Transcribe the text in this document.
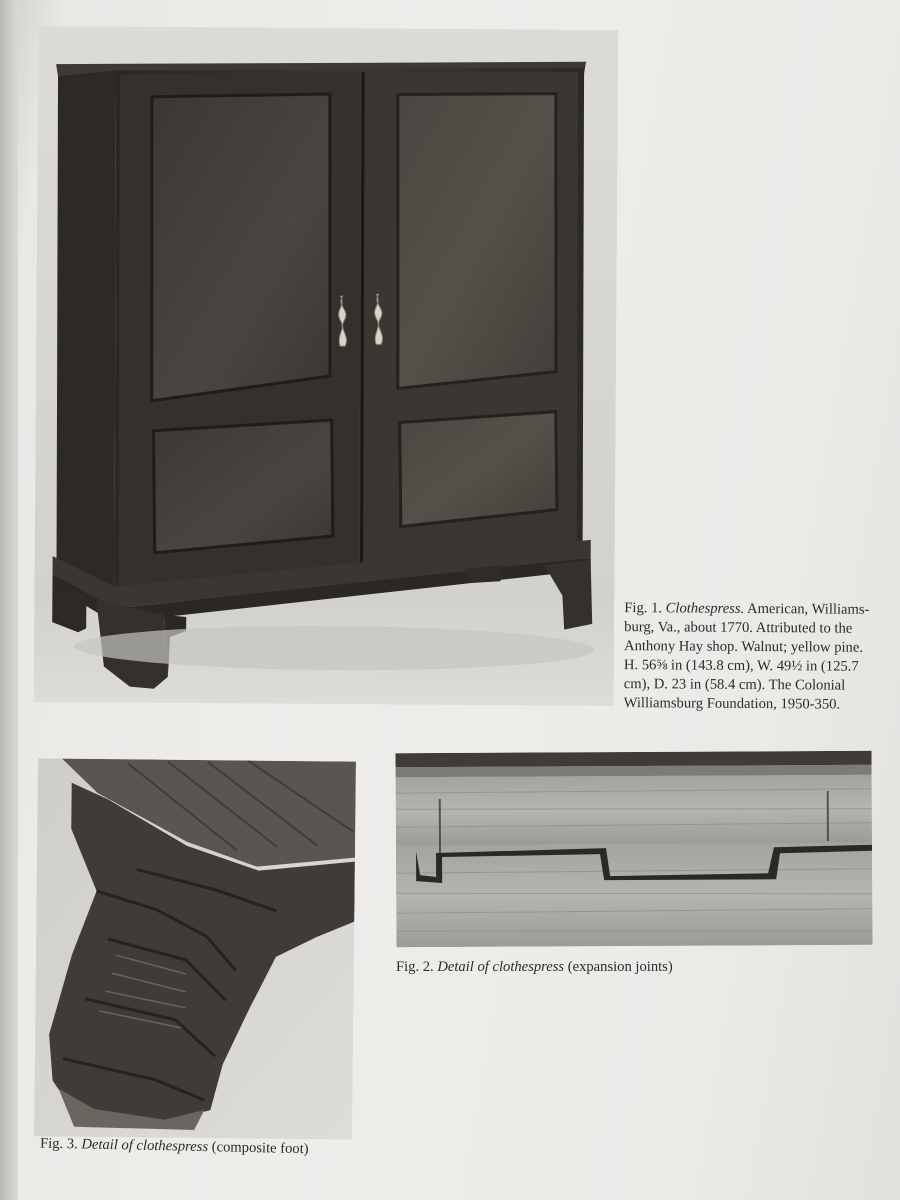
Fig. 1. Clothespress. American, Williams-
burg, Va., about 1770. Attributed to the
Anthony Hay shop. Walnut; yellow pine.
H. 56⅝ in (143.8 cm), W. 49½ in (125.7
cm), D. 23 in (58.4 cm). The Colonial
Williamsburg Foundation, 1950-350.
Fig. 2. Detail of clothespress (expansion joints)
Fig. 3. Detail of clothespress (composite foot)
